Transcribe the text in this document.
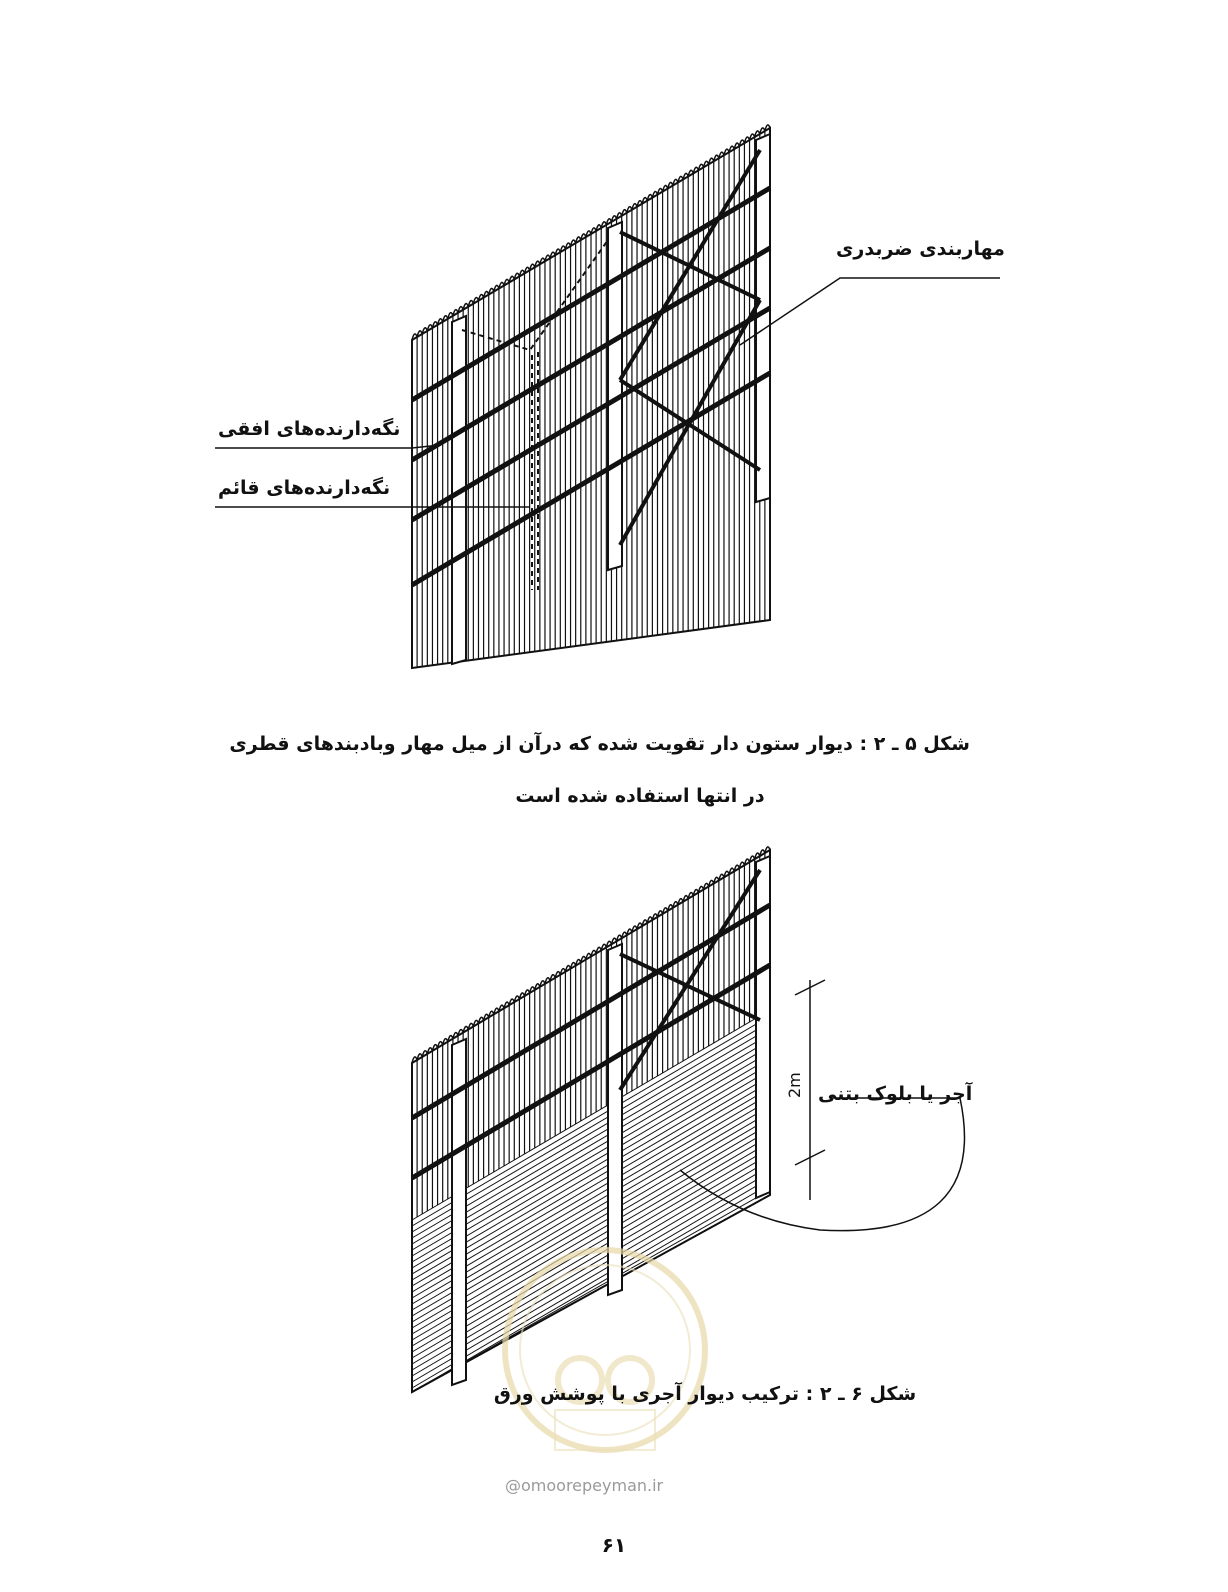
مهاربندی ضربدری
نگه‌دارنده‌های افقی
نگه‌دارنده‌های قائم
شکل ۵ ـ ۲ : دیوار ستون دار تقویت شده که درآن از میل مهار وبادبندهای قطری
در انتها استفاده شده است
2m آجر یا بلوک بتنی
شکل ۶ ـ ۲ : ترکیب دیوار آجری با پوشش ورق
@omoorepeyman.ir
۶۱
